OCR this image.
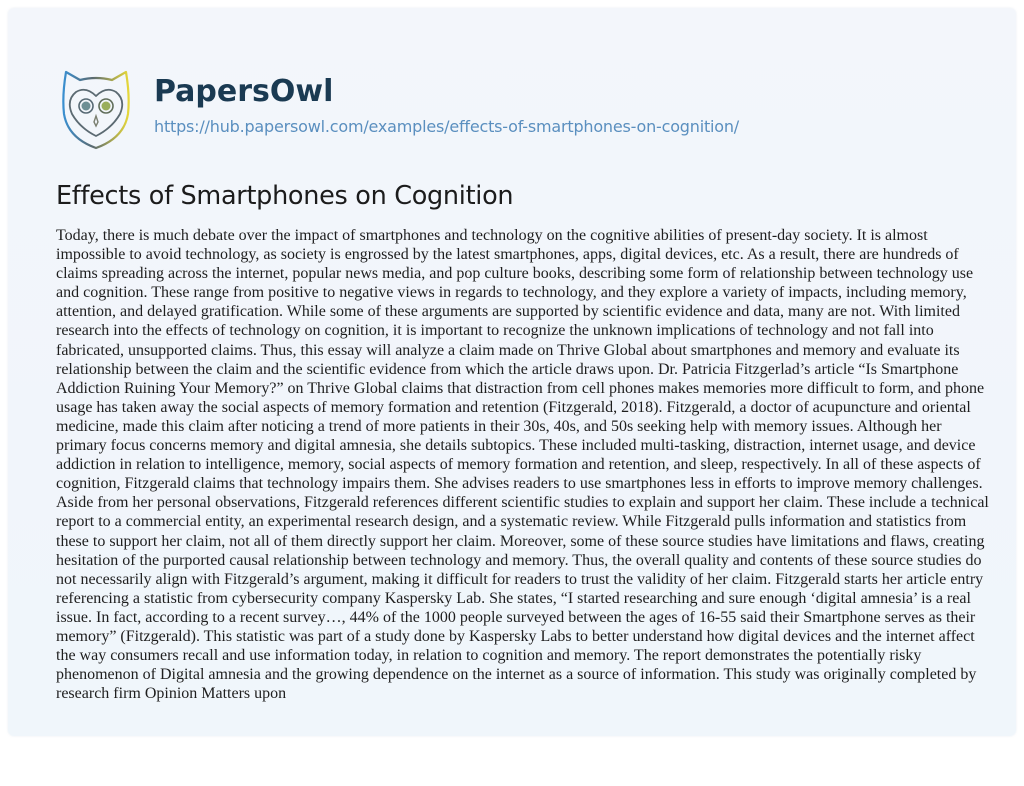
PapersOwl
https://hub.papersowl.com/examples/effects-of-smartphones-on-cognition/
Effects of Smartphones on Cognition

Today, there is much debate over the impact of smartphones and technology on the cognitive abilities of present-day society. It is almost impossible to avoid technology, as society is engrossed by the latest smartphones, apps, digital devices, etc. As a result, there are hundreds of claims spreading across the internet, popular news media, and pop culture books, describing some form of relationship between technology use and cognition. These range from positive to negative views in regards to technology, and they explore a variety of impacts, including memory, attention, and delayed gratification. While some of these arguments are supported by scientific evidence and data, many are not. With limited research into the effects of technology on cognition, it is important to recognize the unknown implications of technology and not fall into fabricated, unsupported claims. Thus, this essay will analyze a claim made on Thrive Global about smartphones and memory and evaluate its relationship between the claim and the scientific evidence from which the article draws upon. Dr. Patricia Fitzgerlad’s article “Is Smartphone Addiction Ruining Your Memory?” on Thrive Global claims that distraction from cell phones makes memories more difficult to form, and phone usage has taken away the social aspects of memory formation and retention (Fitzgerald, 2018). Fitzgerald, a doctor of acupuncture and oriental medicine, made this claim after noticing a trend of more patients in their 30s, 40s, and 50s seeking help with memory issues. Although her primary focus concerns memory and digital amnesia, she details subtopics. These included multi-tasking, distraction, internet usage, and device addiction in relation to intelligence, memory, social aspects of memory formation and retention, and sleep, respectively. In all of these aspects of cognition, Fitzgerald claims that technology impairs them. She advises readers to use smartphones less in efforts to improve memory challenges. Aside from her personal observations, Fitzgerald references different scientific studies to explain and support her claim. These include a technical report to a commercial entity, an experimental research design, and a systematic review. While Fitzgerald pulls information and statistics from these to support her claim, not all of them directly support her claim. Moreover, some of these source studies have limitations and flaws, creating hesitation of the purported causal relationship between technology and memory. Thus, the overall quality and contents of these source studies do not necessarily align with Fitzgerald’s argument, making it difficult for readers to trust the validity of her claim. Fitzgerald starts her article entry referencing a statistic from cybersecurity company Kaspersky Lab. She states, “I started researching and sure enough ‘digital amnesia’ is a real issue. In fact, according to a recent survey…, 44% of the 1000 people surveyed between the ages of 16-55 said their Smartphone serves as their memory” (Fitzgerald). This statistic was part of a study done by Kaspersky Labs to better understand how digital devices and the internet affect the way consumers recall and use information today, in relation to cognition and memory. The report demonstrates the potentially risky phenomenon of Digital amnesia and the growing dependence on the internet as a source of information. This study was originally completed by research firm Opinion Matters upon
